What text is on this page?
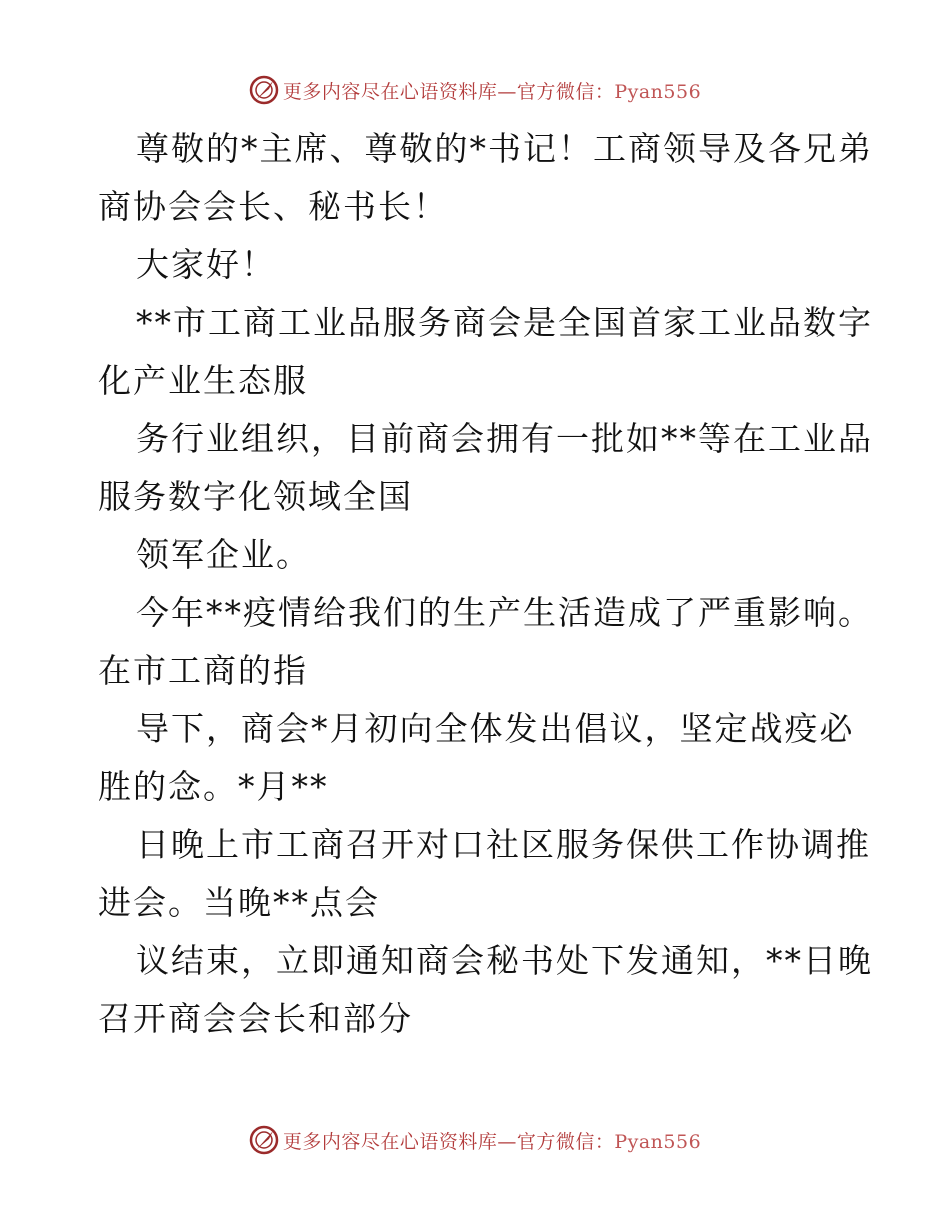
更多内容尽在心语资料库—官方微信：Pyan556
尊敬的*主席、尊敬的*书记！工商领导及各兄弟
商协会会长、秘书长！
大家好！
**市工商工业品服务商会是全国首家工业品数字
化产业生态服
务行业组织，目前商会拥有一批如**等在工业品
服务数字化领域全国
领军企业。
今年**疫情给我们的生产生活造成了严重影响。
在市工商的指
导下，商会*月初向全体发出倡议，坚定战疫必
胜的念。*月**
日晚上市工商召开对口社区服务保供工作协调推
进会。当晚**点会
议结束，立即通知商会秘书处下发通知，**日晚
召开商会会长和部分
更多内容尽在心语资料库—官方微信：Pyan556
